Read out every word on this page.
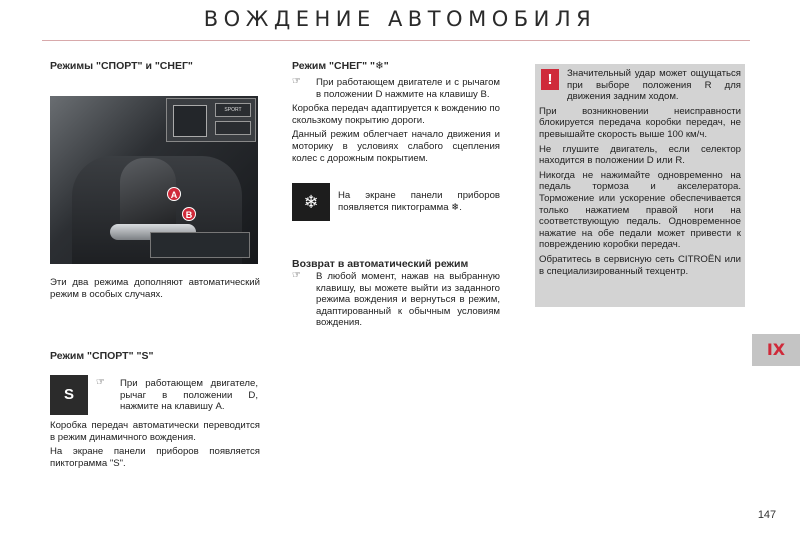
ВОЖДЕНИЕ АВТОМОБИЛЯ
Режимы "СПОРТ" и "СНЕГ"
SPORT
A
B

Эти два режима дополняют автоматический режим в особых случаях.

Режим "СПОРТ" "S"
S
☞ При работающем двигателе, рычаг в положении D, нажмите на клавишу A.

Коробка передач автоматически переводится в режим динамичного вождения.

На экране панели приборов появляется пиктограмма "S".

Режим "СНЕГ" "❄"
☞ При работающем двигателе и с рычагом в положении D нажмите на клавишу B.

Коробка передач адаптируется к вождению по скользкому покрытию дороги.

Данный режим облегчает начало движения и моторику в условиях слабого сцепления колес с дорожным покрытием.

❄	На экране панели приборов появляется пиктограмма ❄.

Возврат в автоматический режим
☞ В любой момент, нажав на выбранную клавишу, вы можете выйти из заданного режима вождения и вернуться в режим, адаптированный к обычным условиям вождения.
!	Значительный удар может ощущаться при выборе положения R для движения задним ходом.

При возникновении неисправности блокируется передача коробки передач, не превышайте скорость выше 100 км/ч.

Не глушите двигатель, если селектор находится в положении D или R.

Никогда не нажимайте одновременно на педаль тормоза и акселератора. Торможение или ускорение обеспечивается только нажатием правой ноги на соответствующую педаль. Одновременное нажатие на обе педали может привести к повреждению коробки передач.

Обратитесь в сервисную сеть CITROËN или в специализированный техцентр.

IX
147
